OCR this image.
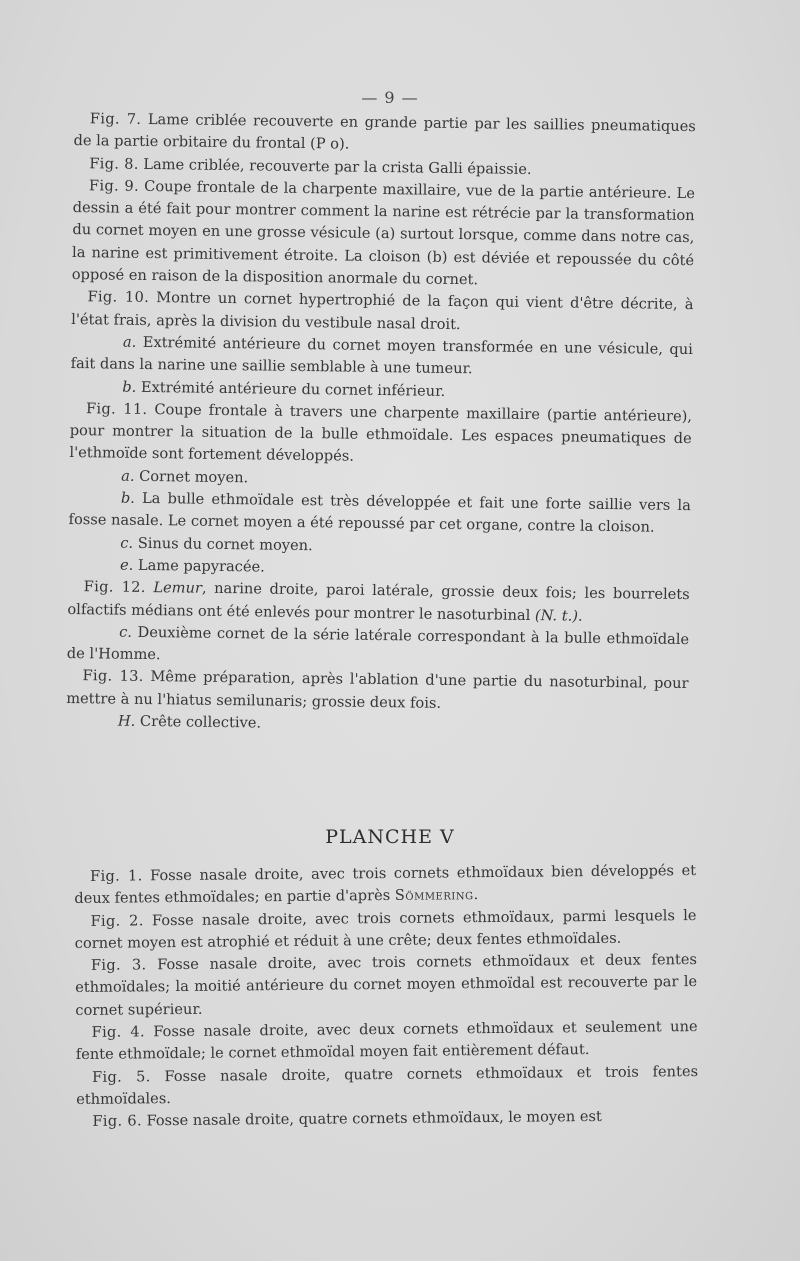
— 9 —

Fig. 7. Lame criblée recouverte en grande partie par les saillies pneumatiques de la partie orbitaire du frontal (P o).

Fig. 8. Lame criblée, recouverte par la crista Galli épaissie.

Fig. 9. Coupe frontale de la charpente maxillaire, vue de la partie antérieure. Le dessin a été fait pour montrer comment la narine est rétrécie par la transformation du cornet moyen en une grosse vésicule (a) surtout lorsque, comme dans notre cas, la narine est primitivement étroite. La cloison (b) est déviée et repoussée du côté opposé en raison de la disposition anormale du cornet.

Fig. 10. Montre un cornet hypertrophié de la façon qui vient d'être décrite, à l'état frais, après la division du vestibule nasal droit.

a. Extrémité antérieure du cornet moyen transformée en une vésicule, qui fait dans la narine une saillie semblable à une tumeur.

b. Extrémité antérieure du cornet inférieur.

Fig. 11. Coupe frontale à travers une charpente maxillaire (partie antérieure), pour montrer la situation de la bulle ethmoïdale. Les espaces pneumatiques de l'ethmoïde sont fortement développés.

a. Cornet moyen.

b. La bulle ethmoïdale est très développée et fait une forte saillie vers la fosse nasale. Le cornet moyen a été repoussé par cet organe, contre la cloison.

c. Sinus du cornet moyen.

e. Lame papyracée.

Fig. 12. Lemur, narine droite, paroi latérale, grossie deux fois; les bourrelets olfactifs médians ont été enlevés pour montrer le nasoturbinal (N. t.).

c. Deuxième cornet de la série latérale correspondant à la bulle ethmoïdale de l'Homme.

Fig. 13. Même préparation, après l'ablation d'une partie du nasoturbinal, pour mettre à nu l'hiatus semilunaris; grossie deux fois.

H. Crête collective.

PLANCHE V

Fig. 1. Fosse nasale droite, avec trois cornets ethmoïdaux bien développés et deux fentes ethmoïdales; en partie d'après Sömmering.

Fig. 2. Fosse nasale droite, avec trois cornets ethmoïdaux, parmi lesquels le cornet moyen est atrophié et réduit à une crête; deux fentes ethmoïdales.

Fig. 3. Fosse nasale droite, avec trois cornets ethmoïdaux et deux fentes ethmoïdales; la moitié antérieure du cornet moyen ethmoïdal est recouverte par le cornet supérieur.

Fig. 4. Fosse nasale droite, avec deux cornets ethmoïdaux et seulement une fente ethmoïdale; le cornet ethmoïdal moyen fait entièrement défaut.

Fig. 5. Fosse nasale droite, quatre cornets ethmoïdaux et trois fentes ethmoïdales.

Fig. 6. Fosse nasale droite, quatre cornets ethmoïdaux, le moyen est
